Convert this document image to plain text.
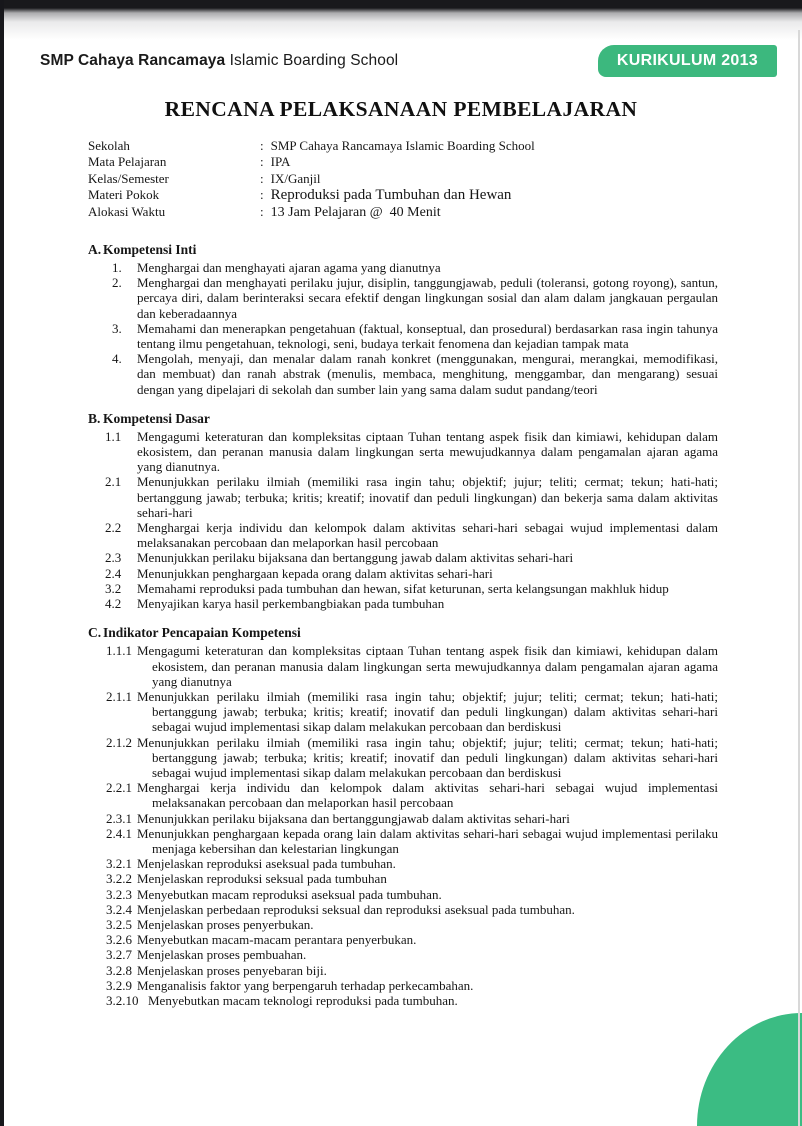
SMP Cahaya Rancamaya Islamic Boarding School	KURIKULUM 2013
RENCANA PELAKSANAAN PEMBELAJARAN
Sekolah	: SMP Cahaya Rancamaya Islamic Boarding School
Mata Pelajaran	: IPA
Kelas/Semester	: IX/Ganjil
Materi Pokok	: Reproduksi pada Tumbuhan dan Hewan
Alokasi Waktu	: 13 Jam Pelajaran @  40 Menit
A. Kompetensi Inti
1.	Menghargai dan menghayati ajaran agama yang dianutnya
2.	Menghargai dan menghayati perilaku jujur, disiplin, tanggungjawab, peduli (toleransi, gotong royong), santun, percaya diri, dalam berinteraksi secara efektif dengan lingkungan sosial dan alam dalam jangkauan pergaulan dan keberadaannya
3.	Memahami dan menerapkan pengetahuan (faktual, konseptual, dan prosedural) berdasarkan rasa ingin tahunya tentang ilmu pengetahuan, teknologi, seni, budaya terkait fenomena dan kejadian tampak mata
4.	Mengolah, menyaji, dan menalar dalam ranah konkret (menggunakan, mengurai, merangkai, memodifikasi, dan membuat) dan ranah abstrak (menulis, membaca, menghitung, menggambar, dan mengarang) sesuai dengan yang dipelajari di sekolah dan sumber lain yang sama dalam sudut pandang/teori
B. Kompetensi Dasar
1.1	Mengagumi keteraturan dan kompleksitas ciptaan Tuhan tentang aspek fisik dan kimiawi, kehidupan dalam ekosistem, dan peranan manusia dalam lingkungan serta mewujudkannya dalam pengamalan ajaran agama yang dianutnya.
2.1	Menunjukkan perilaku ilmiah (memiliki rasa ingin tahu; objektif; jujur; teliti; cermat; tekun; hati-hati; bertanggung jawab; terbuka; kritis; kreatif; inovatif dan peduli lingkungan) dan bekerja sama dalam aktivitas sehari-hari
2.2	Menghargai kerja individu dan kelompok dalam aktivitas sehari-hari sebagai wujud implementasi dalam melaksanakan percobaan dan melaporkan hasil percobaan
2.3	Menunjukkan perilaku bijaksana dan bertanggung jawab dalam aktivitas sehari-hari
2.4	Menunjukkan penghargaan kepada orang dalam aktivitas sehari-hari
3.2	Memahami reproduksi pada tumbuhan dan hewan, sifat keturunan, serta kelangsungan makhluk hidup
4.2	Menyajikan karya hasil perkembangbiakan pada tumbuhan
C. Indikator Pencapaian Kompetensi
1.1.1 Mengagumi keteraturan dan kompleksitas ciptaan Tuhan tentang aspek fisik dan kimiawi, kehidupan dalam ekosistem, dan peranan manusia dalam lingkungan serta mewujudkannya dalam pengamalan ajaran agama yang dianutnya
2.1.1 Menunjukkan perilaku ilmiah (memiliki rasa ingin tahu; objektif; jujur; teliti; cermat; tekun; hati-hati; bertanggung jawab; terbuka; kritis; kreatif; inovatif dan peduli lingkungan) dalam aktivitas sehari-hari sebagai wujud implementasi sikap dalam melakukan percobaan dan berdiskusi
2.1.2 Menunjukkan perilaku ilmiah (memiliki rasa ingin tahu; objektif; jujur; teliti; cermat; tekun; hati-hati; bertanggung jawab; terbuka; kritis; kreatif; inovatif dan peduli lingkungan) dalam aktivitas sehari-hari sebagai wujud implementasi sikap dalam melakukan percobaan dan berdiskusi
2.2.1 Menghargai kerja individu dan kelompok dalam aktivitas sehari-hari sebagai wujud implementasi melaksanakan percobaan dan melaporkan hasil percobaan
2.3.1 Menunjukkan perilaku bijaksana dan bertanggungjawab dalam aktivitas sehari-hari
2.4.1 Menunjukkan penghargaan kepada orang lain dalam aktivitas sehari-hari sebagai wujud implementasi perilaku menjaga kebersihan dan kelestarian lingkungan
3.2.1 Menjelaskan reproduksi aseksual pada tumbuhan.
3.2.2 Menjelaskan reproduksi seksual pada tumbuhan
3.2.3 Menyebutkan macam reproduksi aseksual pada tumbuhan.
3.2.4 Menjelaskan perbedaan reproduksi seksual dan reproduksi aseksual pada tumbuhan.
3.2.5 Menjelaskan proses penyerbukan.
3.2.6 Menyebutkan macam-macam perantara penyerbukan.
3.2.7 Menjelaskan proses pembuahan.
3.2.8 Menjelaskan proses penyebaran biji.
3.2.9 Menganalisis faktor yang berpengaruh terhadap perkecambahan.
3.2.10 Menyebutkan macam teknologi reproduksi pada tumbuhan.
